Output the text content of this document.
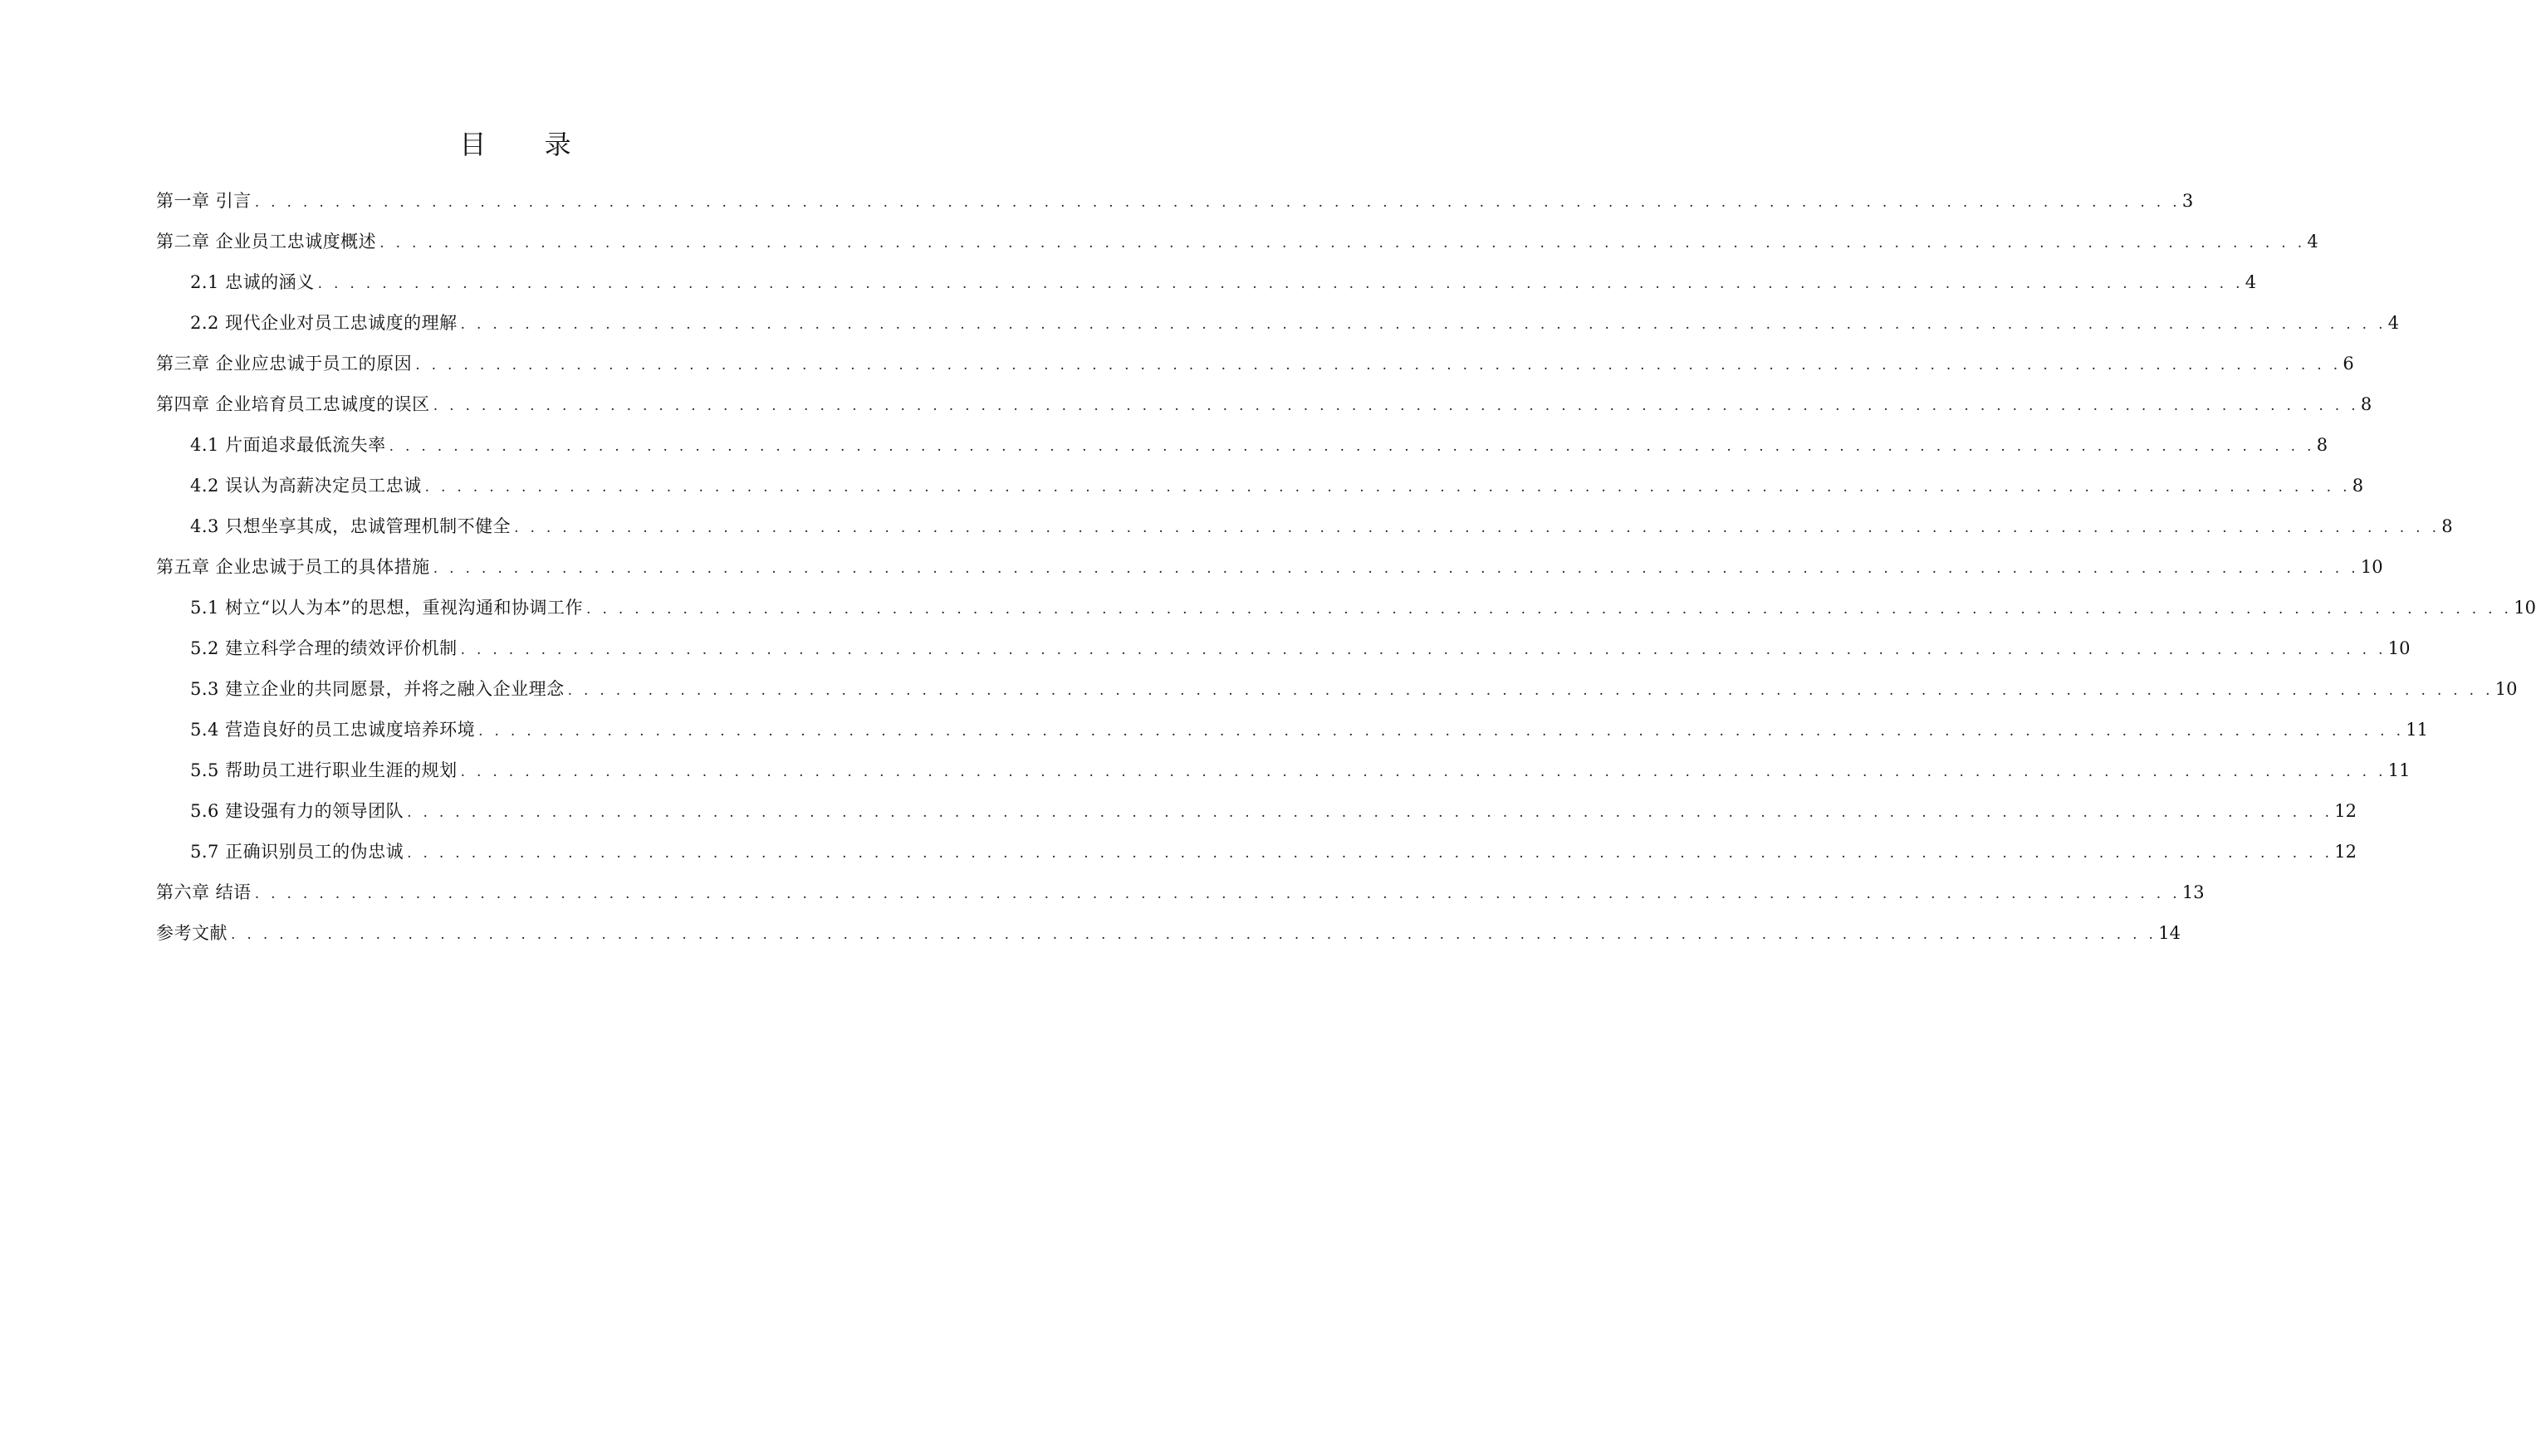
目 录
第一章 引言 . . . . . . . . . . . . . . . . . . . . . . . . . . . . . . . . . . . . . . . . . . . . . . . . . . . . . . . . . . . . . . . . . . . . . . . . . . . . . . . . . . . . . . . . . . . . . . . . . . . . . . . . . . . . . . . . . . . . . . . . 3
第二章 企业员工忠诚度概述 . . . . . . . . . . . . . . . . . . . . . . . . . . . . . . . . . . . . . . . . . . . . . . . . . . . . . . . . . . . . . . . . . . . . . . . . . . . . . . . . . . . . . . . . . . . . . . . . . . . . . . . . . . . . . . . . . . . . . . . . 4
2.1 忠诚的涵义 . . . . . . . . . . . . . . . . . . . . . . . . . . . . . . . . . . . . . . . . . . . . . . . . . . . . . . . . . . . . . . . . . . . . . . . . . . . . . . . . . . . . . . . . . . . . . . . . . . . . . . . . . . . . . . . . . . . . . . . . 4
2.2 现代企业对员工忠诚度的理解 . . . . . . . . . . . . . . . . . . . . . . . . . . . . . . . . . . . . . . . . . . . . . . . . . . . . . . . . . . . . . . . . . . . . . . . . . . . . . . . . . . . . . . . . . . . . . . . . . . . . . . . . . . . . . . . . . . . . . . . . 4
第三章 企业应忠诚于员工的原因 . . . . . . . . . . . . . . . . . . . . . . . . . . . . . . . . . . . . . . . . . . . . . . . . . . . . . . . . . . . . . . . . . . . . . . . . . . . . . . . . . . . . . . . . . . . . . . . . . . . . . . . . . . . . . . . . . . . . . . . . 6
第四章 企业培育员工忠诚度的误区 . . . . . . . . . . . . . . . . . . . . . . . . . . . . . . . . . . . . . . . . . . . . . . . . . . . . . . . . . . . . . . . . . . . . . . . . . . . . . . . . . . . . . . . . . . . . . . . . . . . . . . . . . . . . . . . . . . . . . . . . 8
4.1 片面追求最低流失率 . . . . . . . . . . . . . . . . . . . . . . . . . . . . . . . . . . . . . . . . . . . . . . . . . . . . . . . . . . . . . . . . . . . . . . . . . . . . . . . . . . . . . . . . . . . . . . . . . . . . . . . . . . . . . . . . . . . . . . . . 8
4.2 误认为高薪决定员工忠诚 . . . . . . . . . . . . . . . . . . . . . . . . . . . . . . . . . . . . . . . . . . . . . . . . . . . . . . . . . . . . . . . . . . . . . . . . . . . . . . . . . . . . . . . . . . . . . . . . . . . . . . . . . . . . . . . . . . . . . . . . 8
4.3 只想坐享其成，忠诚管理机制不健全 . . . . . . . . . . . . . . . . . . . . . . . . . . . . . . . . . . . . . . . . . . . . . . . . . . . . . . . . . . . . . . . . . . . . . . . . . . . . . . . . . . . . . . . . . . . . . . . . . . . . . . . . . . . . . . . . . . . . . . . . 8
第五章 企业忠诚于员工的具体措施 . . . . . . . . . . . . . . . . . . . . . . . . . . . . . . . . . . . . . . . . . . . . . . . . . . . . . . . . . . . . . . . . . . . . . . . . . . . . . . . . . . . . . . . . . . . . . . . . . . . . . . . . . . . . . . . . . . . . . . . . 10
5.1 树立“以人为本”的思想，重视沟通和协调工作 . . . . . . . . . . . . . . . . . . . . . . . . . . . . . . . . . . . . . . . . . . . . . . . . . . . . . . . . . . . . . . . . . . . . . . . . . . . . . . . . . . . . . . . . . . . . . . . . . . . . . . . . . . . . . . . . . . . . . . . . 10
5.2 建立科学合理的绩效评价机制 . . . . . . . . . . . . . . . . . . . . . . . . . . . . . . . . . . . . . . . . . . . . . . . . . . . . . . . . . . . . . . . . . . . . . . . . . . . . . . . . . . . . . . . . . . . . . . . . . . . . . . . . . . . . . . . . . . . . . . . . 10
5.3 建立企业的共同愿景，并将之融入企业理念 . . . . . . . . . . . . . . . . . . . . . . . . . . . . . . . . . . . . . . . . . . . . . . . . . . . . . . . . . . . . . . . . . . . . . . . . . . . . . . . . . . . . . . . . . . . . . . . . . . . . . . . . . . . . . . . . . . . . . . . . 10
5.4 营造良好的员工忠诚度培养环境 . . . . . . . . . . . . . . . . . . . . . . . . . . . . . . . . . . . . . . . . . . . . . . . . . . . . . . . . . . . . . . . . . . . . . . . . . . . . . . . . . . . . . . . . . . . . . . . . . . . . . . . . . . . . . . . . . . . . . . . . 11
5.5 帮助员工进行职业生涯的规划 . . . . . . . . . . . . . . . . . . . . . . . . . . . . . . . . . . . . . . . . . . . . . . . . . . . . . . . . . . . . . . . . . . . . . . . . . . . . . . . . . . . . . . . . . . . . . . . . . . . . . . . . . . . . . . . . . . . . . . . . 11
5.6 建设强有力的领导团队 . . . . . . . . . . . . . . . . . . . . . . . . . . . . . . . . . . . . . . . . . . . . . . . . . . . . . . . . . . . . . . . . . . . . . . . . . . . . . . . . . . . . . . . . . . . . . . . . . . . . . . . . . . . . . . . . . . . . . . . . 12
5.7 正确识别员工的伪忠诚 . . . . . . . . . . . . . . . . . . . . . . . . . . . . . . . . . . . . . . . . . . . . . . . . . . . . . . . . . . . . . . . . . . . . . . . . . . . . . . . . . . . . . . . . . . . . . . . . . . . . . . . . . . . . . . . . . . . . . . . . 12
第六章 结语 . . . . . . . . . . . . . . . . . . . . . . . . . . . . . . . . . . . . . . . . . . . . . . . . . . . . . . . . . . . . . . . . . . . . . . . . . . . . . . . . . . . . . . . . . . . . . . . . . . . . . . . . . . . . . . . . . . . . . . . . 13
参考文献 . . . . . . . . . . . . . . . . . . . . . . . . . . . . . . . . . . . . . . . . . . . . . . . . . . . . . . . . . . . . . . . . . . . . . . . . . . . . . . . . . . . . . . . . . . . . . . . . . . . . . . . . . . . . . . . . . . . . . . . . 14
